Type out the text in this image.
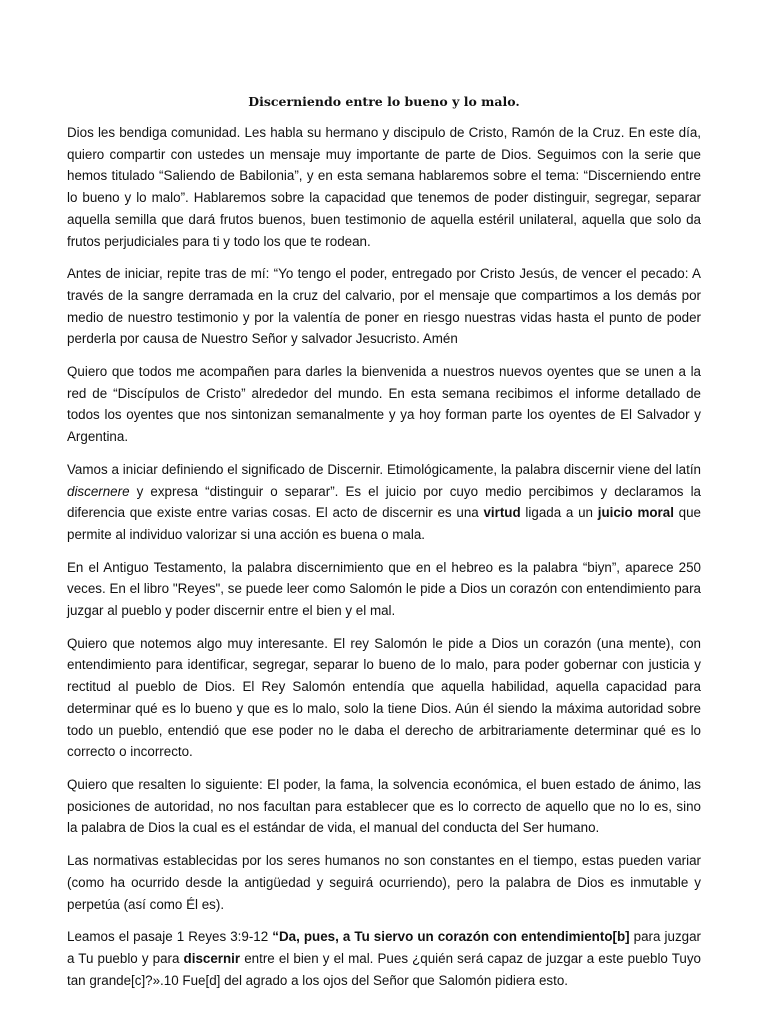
Discerniendo entre lo bueno y lo malo.

Dios les bendiga comunidad. Les habla su hermano y discipulo de Cristo, Ramón de la Cruz. En este día, quiero compartir con ustedes un mensaje muy importante de parte de Dios. Seguimos con la serie que hemos titulado “Saliendo de Babilonia”, y en esta semana hablaremos sobre el tema: “Discerniendo entre lo bueno y lo malo”. Hablaremos sobre la capacidad que tenemos de poder distinguir, segregar, separar aquella semilla que dará frutos buenos, buen testimonio de aquella estéril unilateral, aquella que solo da frutos perjudiciales para ti y todo los que te rodean.

Antes de iniciar, repite tras de mí: “Yo tengo el poder, entregado por Cristo Jesús, de vencer el pecado: A través de la sangre derramada en la cruz del calvario, por el mensaje que compartimos a los demás por medio de nuestro testimonio y por la valentía de poner en riesgo nuestras vidas hasta el punto de poder perderla por causa de Nuestro Señor y salvador Jesucristo. Amén

Quiero que todos me acompañen para darles la bienvenida a nuestros nuevos oyentes que se unen a la red de “Discípulos de Cristo” alrededor del mundo. En esta semana recibimos el informe detallado de todos los oyentes que nos sintonizan semanalmente y ya hoy forman parte los oyentes de El Salvador y Argentina.

Vamos a iniciar definiendo el significado de Discernir. Etimológicamente, la palabra discernir viene del latín discernere y expresa “distinguir o separar”. Es el juicio por cuyo medio percibimos y declaramos la diferencia que existe entre varias cosas. El acto de discernir es una virtud ligada a un juicio moral que permite al individuo valorizar si una acción es buena o mala.

En el Antiguo Testamento, la palabra discernimiento que en el hebreo es la palabra “biyn”, aparece 250 veces. En el libro "Reyes", se puede leer como Salomón le pide a Dios un corazón con entendimiento para juzgar al pueblo y poder discernir entre el bien y el mal.

Quiero que notemos algo muy interesante. El rey Salomón le pide a Dios un corazón (una mente), con entendimiento para identificar, segregar, separar lo bueno de lo malo, para poder gobernar con justicia y rectitud al pueblo de Dios. El Rey Salomón entendía que aquella habilidad, aquella capacidad para determinar qué es lo bueno y que es lo malo, solo la tiene Dios. Aún él siendo la máxima autoridad sobre todo un pueblo, entendió que ese poder no le daba el derecho de arbitrariamente determinar qué es lo correcto o incorrecto.

Quiero que resalten lo siguiente: El poder, la fama, la solvencia económica, el buen estado de ánimo, las posiciones de autoridad, no nos facultan para establecer que es lo correcto de aquello que no lo es, sino la palabra de Dios la cual es el estándar de vida, el manual del conducta del Ser humano.

Las normativas establecidas por los seres humanos no son constantes en el tiempo, estas pueden variar (como ha ocurrido desde la antigüedad y seguirá ocurriendo), pero la palabra de Dios es inmutable y perpetúa (así como Él es).

Leamos el pasaje 1 Reyes 3:9-12 “Da, pues, a Tu siervo un corazón con entendimiento[b] para juzgar a Tu pueblo y para discernir entre el bien y el mal. Pues ¿quién será capaz de juzgar a este pueblo Tuyo tan grande[c]?».10 Fue[d] del agrado a los ojos del Señor que Salomón pidiera esto.
